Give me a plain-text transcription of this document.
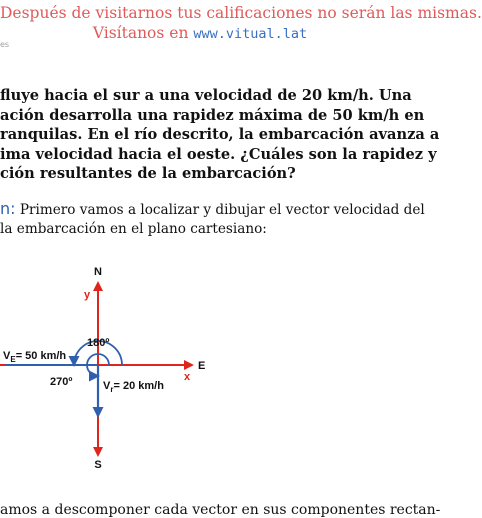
Después de visitarnos tus calificaciones no serán las mismas.
Visítanos en www.vitual.lat
es
fluye hacia el sur a una velocidad de 20 km/h. Una
ación desarrolla una rapidez máxima de 50 km/h en
ranquilas. En el río descrito, la embarcación avanza a
ima velocidad hacia el oeste. ¿Cuáles son la rapidez y
ción resultantes de la embarcación?
n: Primero vamos a localizar y dibujar el vector velocidad del
la embarcación en el plano cartesiano:
N
S
E
y
x
180º
270º
$V_E= 50$ km/h
$V_r= 20$ km/h
amos a descomponer cada vector en sus componentes rectan-
